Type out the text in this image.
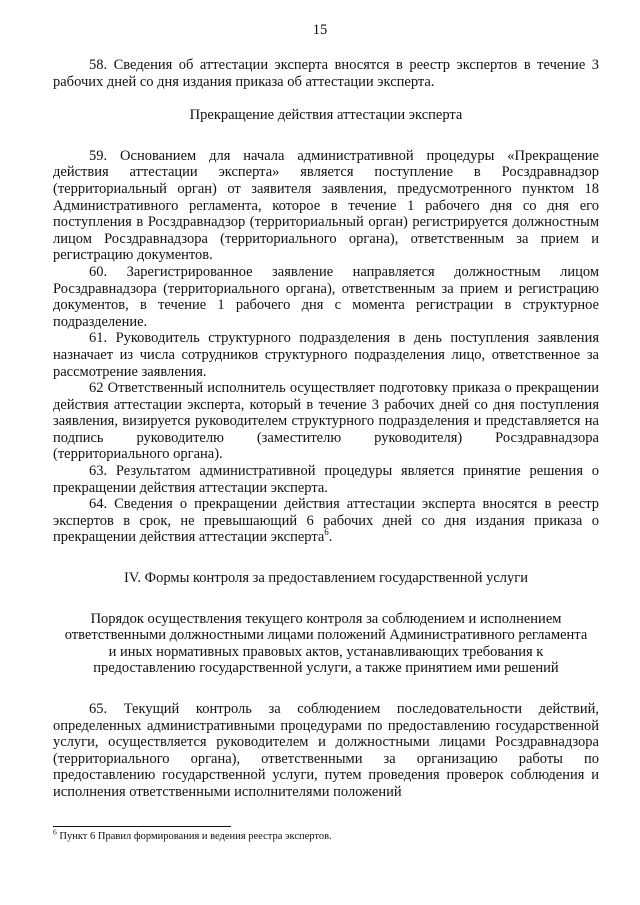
15

58. Сведения об аттестации эксперта вносятся в реестр экспертов в течение 3 рабочих дней со дня издания приказа об аттестации эксперта.

Прекращение действия аттестации эксперта

59. Основанием для начала административной процедуры «Прекращение действия аттестации эксперта» является поступление в Росздравнадзор (территориальный орган) от заявителя заявления, предусмотренного пунктом 18 Административного регламента, которое в течение 1 рабочего дня со дня его поступления в Росздравнадзор (территориальный орган) регистрируется должностным лицом Росздравнадзора (территориального органа), ответственным за прием и регистрацию документов.

60. Зарегистрированное заявление направляется должностным лицом Росздравнадзора (территориального органа), ответственным за прием и регистрацию документов, в течение 1 рабочего дня с момента регистрации в структурное подразделение.

61. Руководитель структурного подразделения в день поступления заявления назначает из числа сотрудников структурного подразделения лицо, ответственное за рассмотрение заявления.

62 Ответственный исполнитель осуществляет подготовку приказа о прекращении действия аттестации эксперта, который в течение 3 рабочих дней со дня поступления заявления, визируется руководителем структурного подразделения и представляется на подпись руководителю (заместителю руководителя) Росздравнадзора (территориального органа).

63. Результатом административной процедуры является принятие решения о прекращении действия аттестации эксперта.

64. Сведения о прекращении действия аттестации эксперта вносятся в реестр экспертов в срок, не превышающий 6 рабочих дней со дня издания приказа о прекращении действия аттестации эксперта$^6$.

IV. Формы контроля за предоставлением государственной услуги

Порядок осуществления текущего контроля за соблюдением и исполнением
ответственными должностными лицами положений Административного регламента
и иных нормативных правовых актов, устанавливающих требования к
предоставлению государственной услуги, а также принятием ими решений

65. Текущий контроль за соблюдением последовательности действий, определенных административными процедурами по предоставлению государственной услуги, осуществляется руководителем и должностными лицами Росздравнадзора (территориального органа), ответственными за организацию работы по предоставлению государственной услуги, путем проведения проверок соблюдения и исполнения ответственными исполнителями положений

$^6$ Пункт 6 Правил формирования и ведения реестра экспертов.
